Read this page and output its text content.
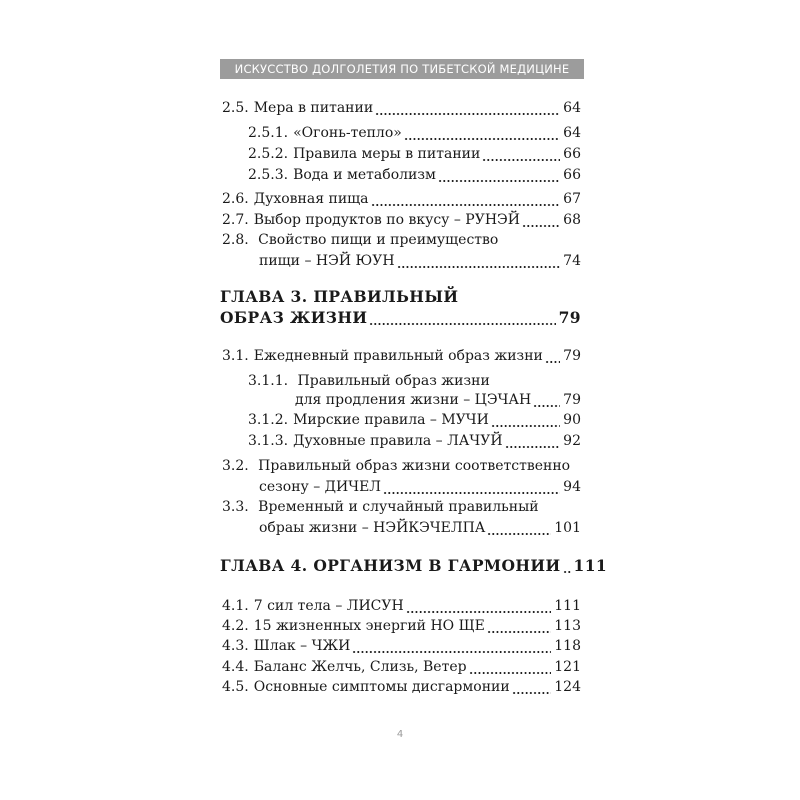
ИСКУССТВО ДОЛГОЛЕТИЯ ПО ТИБЕТСКОЙ МЕДИЦИНЕ
2.5. Мера в питании	64
2.5.1. «Огонь-тепло»	64
2.5.2. Правила меры в питании	66
2.5.3. Вода и метаболизм	66
2.6. Духовная пища	67
2.7. Выбор продуктов по вкусу – РУНЭЙ	68
2.8. Свойство пищи и преимущество
пищи – НЭЙ ЮУН	74
ГЛАВА 3. ПРАВИЛЬНЫЙ
ОБРАЗ ЖИЗНИ	79
3.1. Ежедневный правильный образ жизни 79
3.1.1. Правильный образ жизни
для продления жизни – ЦЭЧАН 79
3.1.2. Мирские правила – МУЧИ	90
3.1.3. Духовные правила – ЛАЧУЙ	92
3.2. Правильный образ жизни соответственно
сезону – ДИЧЕЛ	94
3.3. Временный и случайный правильный
обраы жизни – НЭЙКЭЧЕЛПА	101
ГЛАВА 4. ОРГАНИЗМ В ГАРМОНИИ 111
4.1. 7 сил тела – ЛИСУН	111
4.2. 15 жизненных энергий НО ЩЕ	113
4.3. Шлак – ЧЖИ	118
4.4. Баланс Желчь, Слизь, Ветер	121
4.5. Основные симптомы дисгармонии	124
4
